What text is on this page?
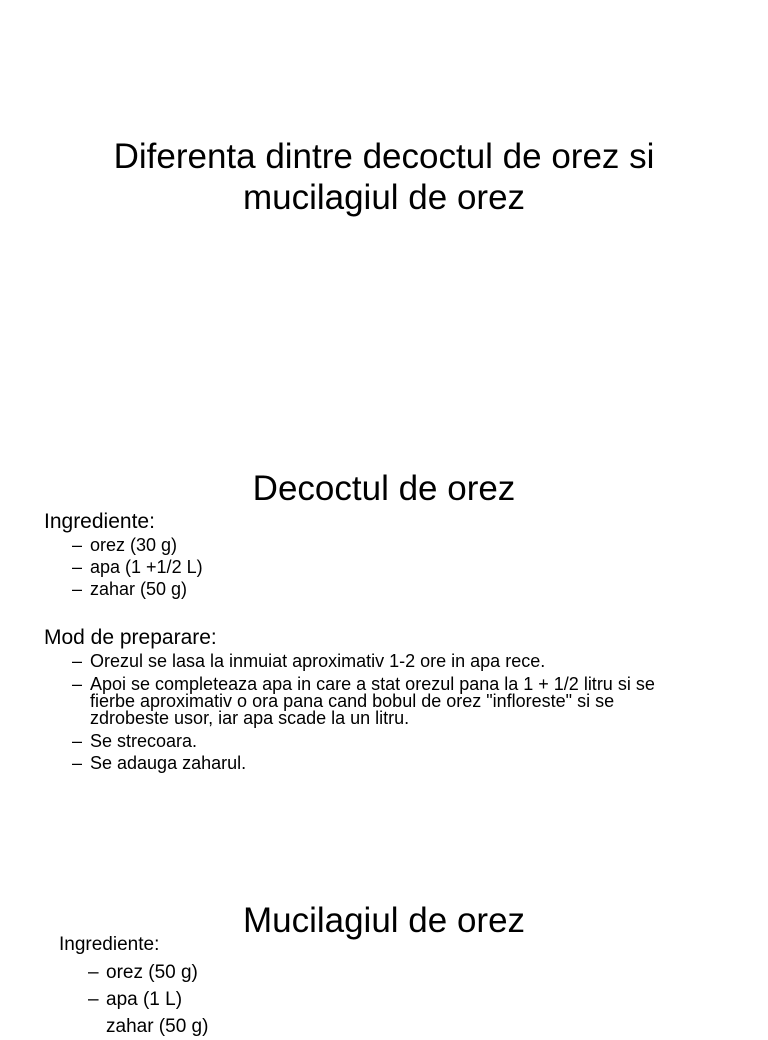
Diferenta dintre decoctul de orez si mucilagiul de orez
Decoctul de orez
Ingrediente:
– orez (30 g)
– apa (1 +1/2 L)
– zahar (50 g)
Mod de preparare:
– Orezul se lasa la inmuiat aproximativ 1-2 ore in apa rece.
– Apoi se completeaza apa in care a stat orezul pana la 1 + 1/2 litru si se
fierbe aproximativ o ora pana cand bobul de orez "infloreste" si se
zdrobeste usor, iar apa scade la un litru.
– Se strecoara.
– Se adauga zaharul.
Mucilagiul de orez
Ingrediente:
– orez (50 g)
– apa (1 L)
zahar (50 g)
